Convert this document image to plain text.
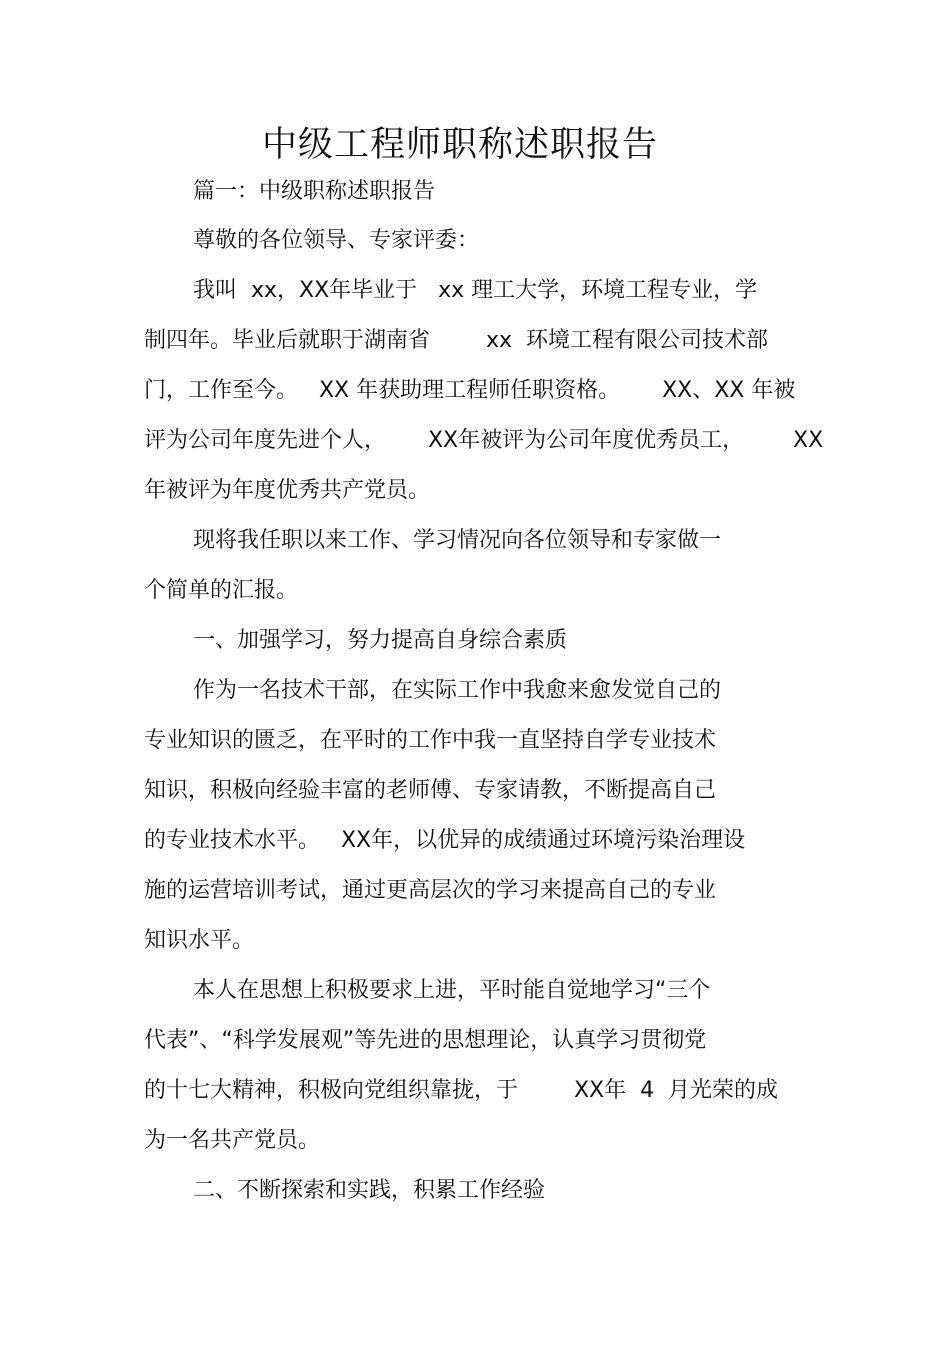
中级工程师职称述职报告
篇一：中级职称述职报告
尊敬的各位领导、专家评委：
我叫  xx，XX年毕业于   xx 理工大学，环境工程专业，学
制四年。毕业后就职于湖南省        xx  环境工程有限公司技术部
门，工作至今。   XX 年获助理工程师任职资格。      XX、XX 年被
评为公司年度先进个人，      XX年被评为公司年度优秀员工，       XX
年被评为年度优秀共产党员。
现将我任职以来工作、学习情况向各位领导和专家做一
个简单的汇报。
一、加强学习，努力提高自身综合素质
作为一名技术干部，在实际工作中我愈来愈发觉自己的
专业知识的匮乏，在平时的工作中我一直坚持自学专业技术
知识，积极向经验丰富的老师傅、专家请教，不断提高自己
的专业技术水平。   XX年，以优异的成绩通过环境污染治理设
施的运营培训考试，通过更高层次的学习来提高自己的专业
知识水平。
本人在思想上积极要求上进，平时能自觉地学习“三个
代表”、“科学发展观”等先进的思想理论，认真学习贯彻党
的十七大精神，积极向党组织靠拢，于        XX年  4  月光荣的成
为一名共产党员。
二、不断探索和实践，积累工作经验
